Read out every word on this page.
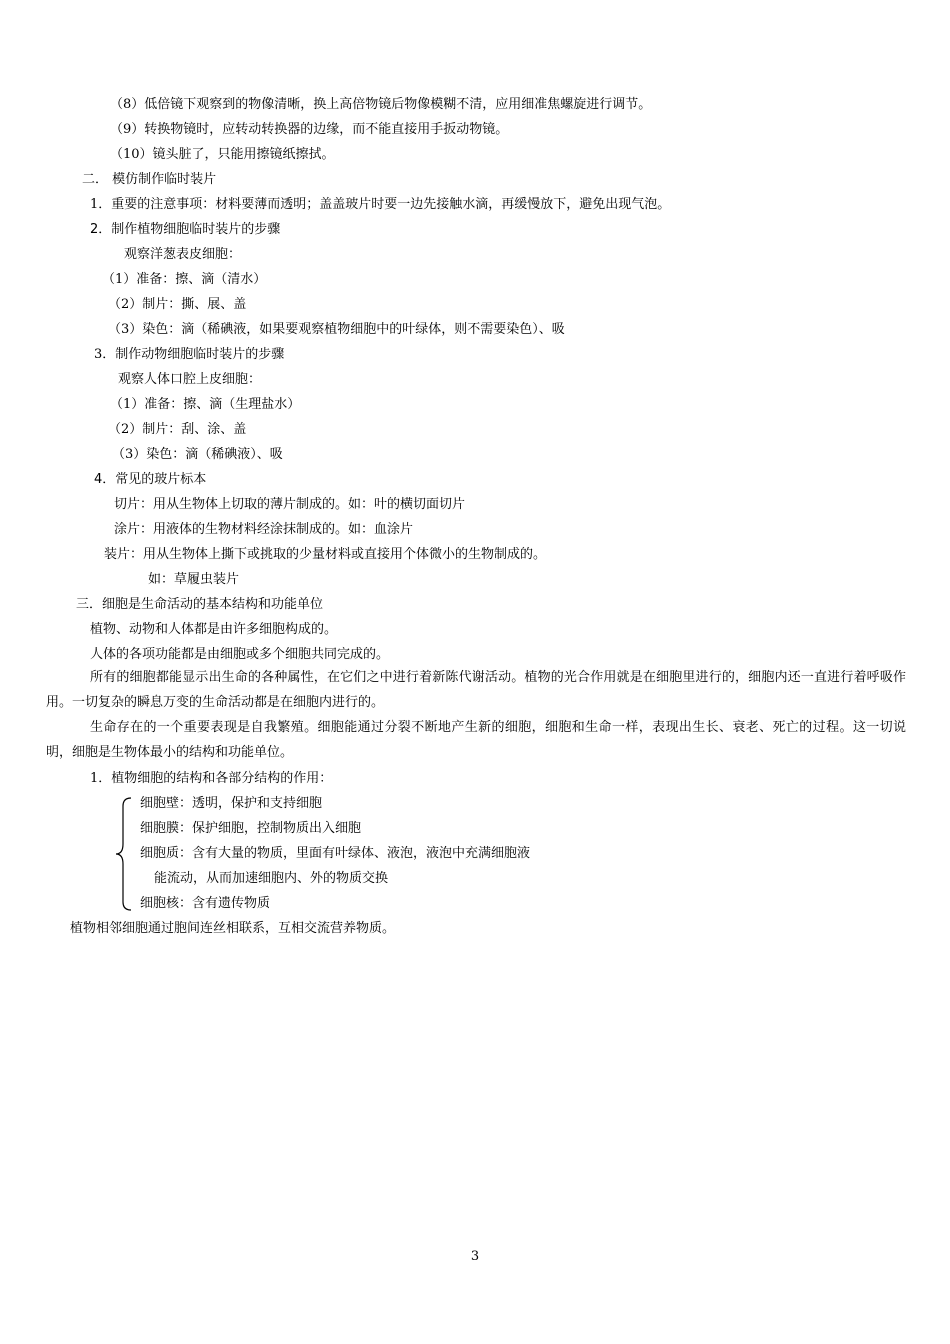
（8）低倍镜下观察到的物像清晰，换上高倍物镜后物像模糊不清，应用细准焦螺旋进行调节。
（9）转换物镜时，应转动转换器的边缘，而不能直接用手扳动物镜。
（10）镜头脏了，只能用擦镜纸擦拭。
二． 模仿制作临时装片
1．重要的注意事项：材料要薄而透明；盖盖玻片时要一边先接触水滴，再缓慢放下，避免出现气泡。
2．制作植物细胞临时装片的步骤
观察洋葱表皮细胞：
（1）准备：擦、滴（清水）
（2）制片：撕、展、盖
（3）染色：滴（稀碘液，如果要观察植物细胞中的叶绿体，则不需要染色）、吸
3．制作动物细胞临时装片的步骤
观察人体口腔上皮细胞：
（1）准备：擦、滴（生理盐水）
（2）制片：刮、涂、盖
（3）染色：滴（稀碘液）、吸
4．常见的玻片标本
切片：用从生物体上切取的薄片制成的。如：叶的横切面切片
涂片：用液体的生物材料经涂抹制成的。如：血涂片
装片：用从生物体上撕下或挑取的少量材料或直接用个体微小的生物制成的。
如：草履虫装片
三．细胞是生命活动的基本结构和功能单位
植物、动物和人体都是由许多细胞构成的。
人体的各项功能都是由细胞或多个细胞共同完成的。
所有的细胞都能显示出生命的各种属性，在它们之中进行着新陈代谢活动。植物的光合作用就是在细胞里进行的，细胞内还一直进行着呼吸作用。一切复杂的瞬息万变的生命活动都是在细胞内进行的。
生命存在的一个重要表现是自我繁殖。细胞能通过分裂不断地产生新的细胞，细胞和生命一样，表现出生长、衰老、死亡的过程。这一切说明，细胞是生物体最小的结构和功能单位。
1．植物细胞的结构和各部分结构的作用：
细胞壁：透明，保护和支持细胞
细胞膜：保护细胞，控制物质出入细胞
细胞质：含有大量的物质，里面有叶绿体、液泡，液泡中充满细胞液
能流动，从而加速细胞内、外的物质交换
细胞核：含有遗传物质
植物相邻细胞通过胞间连丝相联系，互相交流营养物质。
3
